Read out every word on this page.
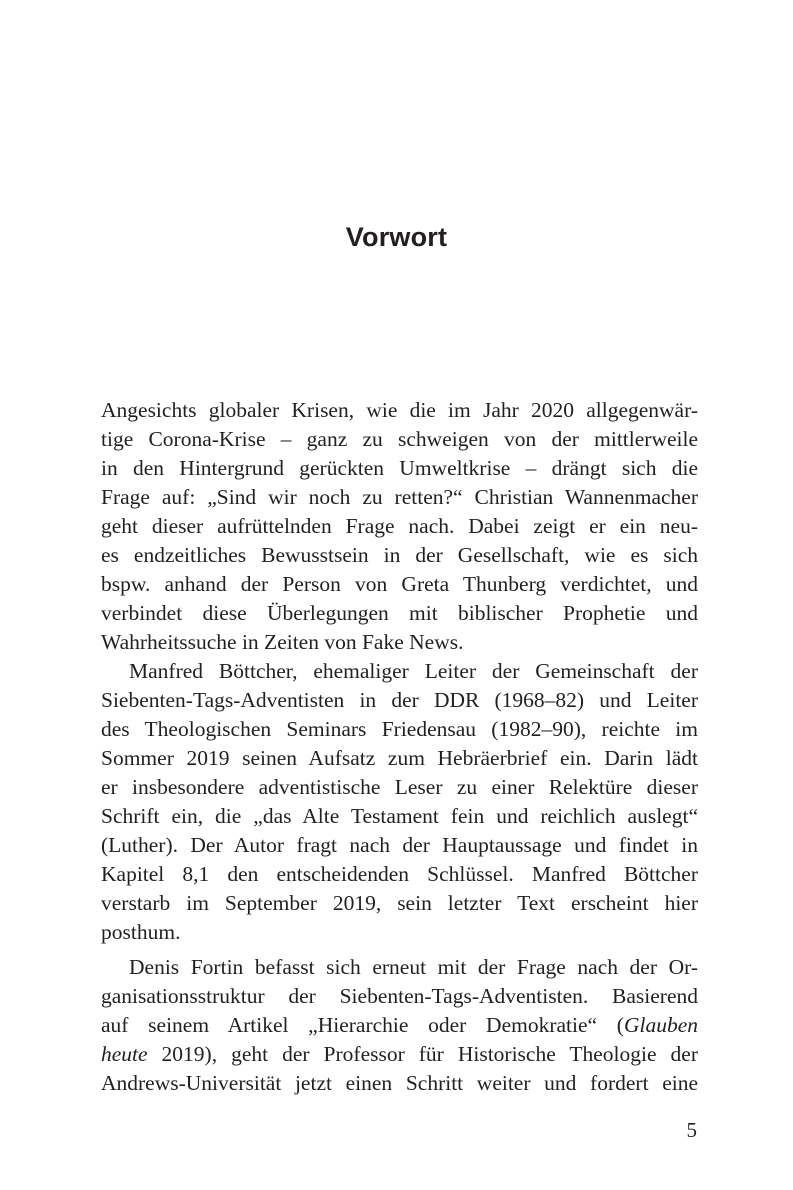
Vorwort
Angesichts globaler Krisen, wie die im Jahr 2020 allgegenwär-
tige Corona-Krise – ganz zu schweigen von der mittlerweile
in den Hintergrund gerückten Umweltkrise – drängt sich die
Frage auf: „Sind wir noch zu retten?“ Christian Wannenmacher
geht dieser aufrüttelnden Frage nach. Dabei zeigt er ein neu-
es endzeitliches Bewusstsein in der Gesellschaft, wie es sich
bspw. anhand der Person von Greta Thunberg verdichtet, und
verbindet diese Überlegungen mit biblischer Prophetie und
Wahrheitssuche in Zeiten von Fake News.
Manfred Böttcher, ehemaliger Leiter der Gemeinschaft der
Siebenten-Tags-Adventisten in der DDR (1968–82) und Leiter
des Theologischen Seminars Friedensau (1982–90), reichte im
Sommer 2019 seinen Aufsatz zum Hebräerbrief ein. Darin lädt
er insbesondere adventistische Leser zu einer Relektüre dieser
Schrift ein, die „das Alte Testament fein und reichlich auslegt“
(Luther). Der Autor fragt nach der Hauptaussage und findet in
Kapitel 8,1 den entscheidenden Schlüssel. Manfred Böttcher
verstarb im September 2019, sein letzter Text erscheint hier
posthum.
Denis Fortin befasst sich erneut mit der Frage nach der Or-
ganisationsstruktur der Siebenten-Tags-Adventisten. Basierend
auf seinem Artikel „Hierarchie oder Demokratie“ (Glauben
heute 2019), geht der Professor für Historische Theologie der
Andrews-Universität jetzt einen Schritt weiter und fordert eine
5
